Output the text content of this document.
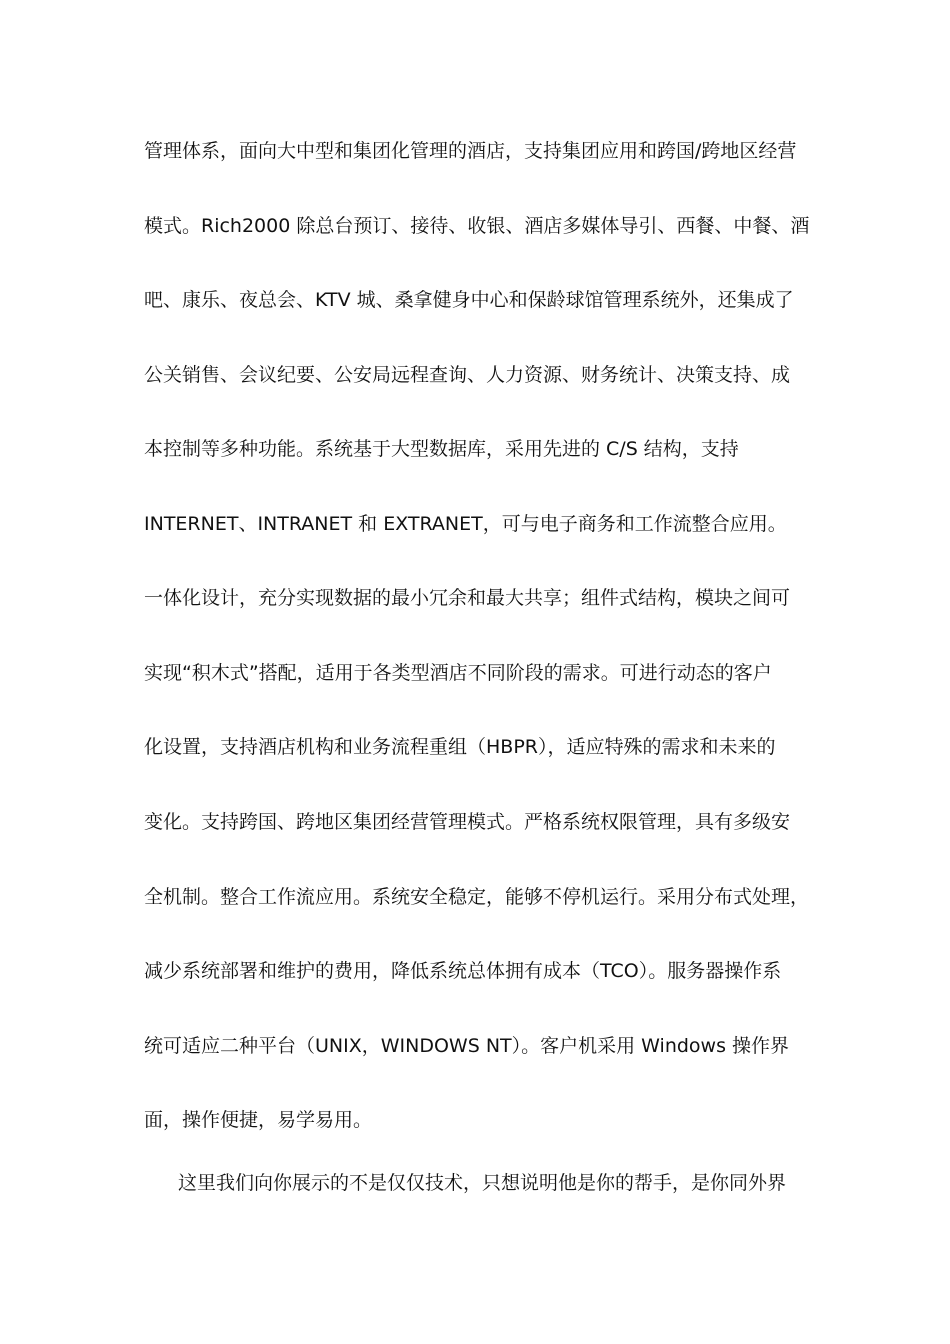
管理体系，面向大中型和集团化管理的酒店，支持集团应用和跨国/跨地区经营
模式。Rich2000 除总台预订、接待、收银、酒店多媒体导引、西餐、中餐、酒
吧、康乐、夜总会、KTV 城、桑拿健身中心和保龄球馆管理系统外，还集成了
公关销售、会议纪要、公安局远程查询、人力资源、财务统计、决策支持、成
本控制等多种功能。系统基于大型数据库，采用先进的 C/S 结构，支持
INTERNET、INTRANET 和 EXTRANET，可与电子商务和工作流整合应用。
一体化设计，充分实现数据的最小冗余和最大共享；组件式结构，模块之间可
实现“积木式”搭配，适用于各类型酒店不同阶段的需求。可进行动态的客户
化设置，支持酒店机构和业务流程重组（HBPR），适应特殊的需求和未来的
变化。支持跨国、跨地区集团经营管理模式。严格系统权限管理，具有多级安
全机制。整合工作流应用。系统安全稳定，能够不停机运行。采用分布式处理，
减少系统部署和维护的费用，降低系统总体拥有成本（TCO）。服务器操作系
统可适应二种平台（UNIX，WINDOWS NT）。客户机采用 Windows 操作界
面，操作便捷，易学易用。
这里我们向你展示的不是仅仅技术，只想说明他是你的帮手，是你同外界
